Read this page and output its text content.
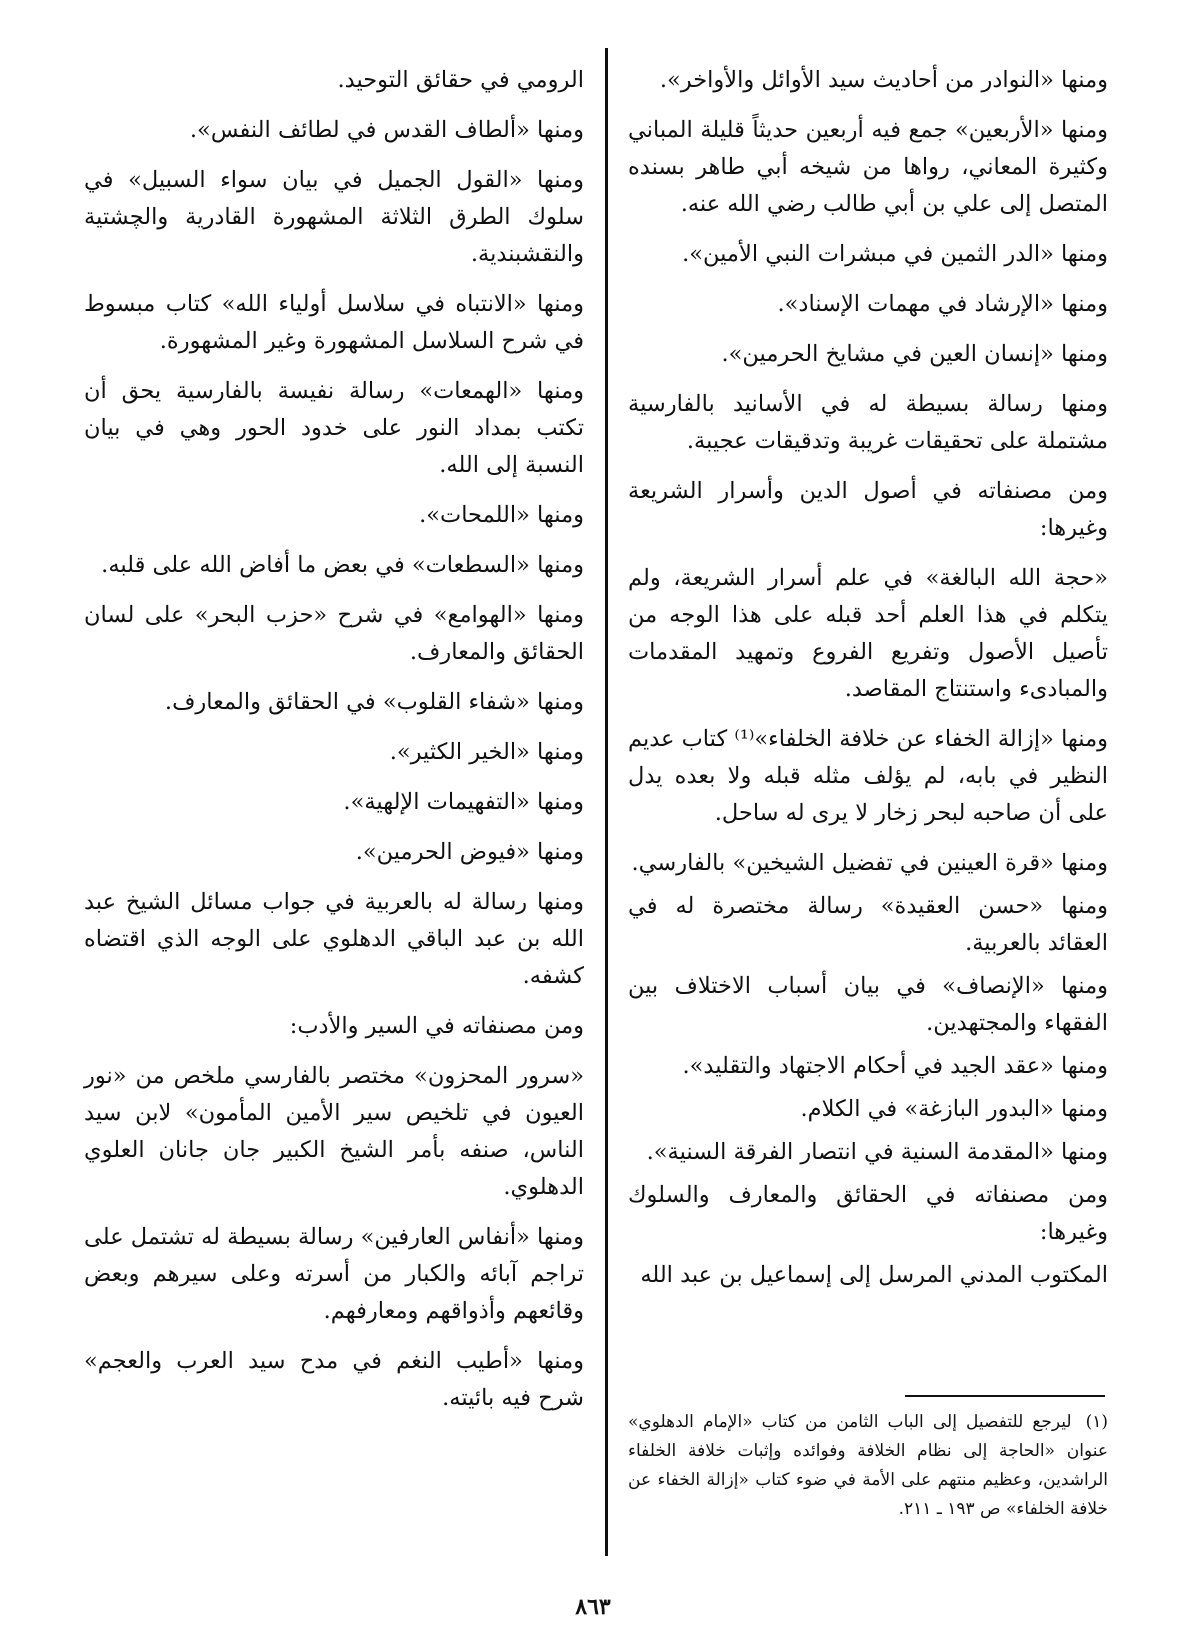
ومنها «النوادر من أحاديث سيد الأوائل والأواخر».

ومنها «الأربعين» جمع فيه أربعين حديثاً قليلة المباني وكثيرة المعاني، رواها من شيخه أبي طاهر بسنده المتصل إلى علي بن أبي طالب رضي الله عنه.

ومنها «الدر الثمين في مبشرات النبي الأمين».

ومنها «الإرشاد في مهمات الإسناد».

ومنها «إنسان العين في مشايخ الحرمين».

ومنها رسالة بسيطة له في الأسانيد بالفارسية مشتملة على تحقيقات غريبة وتدقيقات عجيبة.

ومن مصنفاته في أصول الدين وأسرار الشريعة وغيرها:

«حجة الله البالغة» في علم أسرار الشريعة، ولم يتكلم في هذا العلم أحد قبله على هذا الوجه من تأصيل الأصول وتفريع الفروع وتمهيد المقدمات والمبادىء واستنتاج المقاصد.

ومنها «إزالة الخفاء عن خلافة الخلفاء»⁽¹⁾ كتاب عديم النظير في بابه، لم يؤلف مثله قبله ولا بعده يدل على أن صاحبه لبحر زخار لا يرى له ساحل.

ومنها «قرة العينين في تفضيل الشيخين» بالفارسي.

ومنها «حسن العقيدة» رسالة مختصرة له في العقائد بالعربية.

ومنها «الإنصاف» في بيان أسباب الاختلاف بين الفقهاء والمجتهدين.

ومنها «عقد الجيد في أحكام الاجتهاد والتقليد».

ومنها «البدور البازغة» في الكلام.

ومنها «المقدمة السنية في انتصار الفرقة السنية».

ومن مصنفاته في الحقائق والمعارف والسلوك وغيرها:

المكتوب المدني المرسل إلى إسماعيل بن عبد الله

الرومي في حقائق التوحيد.

ومنها «ألطاف القدس في لطائف النفس».

ومنها «القول الجميل في بيان سواء السبيل» في سلوك الطرق الثلاثة المشهورة القادرية والچشتية والنقشبندية.

ومنها «الانتباه في سلاسل أولياء الله» كتاب مبسوط في شرح السلاسل المشهورة وغير المشهورة.

ومنها «الهمعات» رسالة نفيسة بالفارسية يحق أن تكتب بمداد النور على خدود الحور وهي في بيان النسبة إلى الله.

ومنها «اللمحات».

ومنها «السطعات» في بعض ما أفاض الله على قلبه.

ومنها «الهوامع» في شرح «حزب البحر» على لسان الحقائق والمعارف.

ومنها «شفاء القلوب» في الحقائق والمعارف.

ومنها «الخير الكثير».

ومنها «التفهيمات الإلهية».

ومنها «فيوض الحرمين».

ومنها رسالة له بالعربية في جواب مسائل الشيخ عبد الله بن عبد الباقي الدهلوي على الوجه الذي اقتضاه كشفه.

ومن مصنفاته في السير والأدب:

«سرور المحزون» مختصر بالفارسي ملخص من «نور العيون في تلخيص سير الأمين المأمون» لابن سيد الناس، صنفه بأمر الشيخ الكبير جان جانان العلوي الدهلوي.

ومنها «أنفاس العارفين» رسالة بسيطة له تشتمل على تراجم آبائه والكبار من أسرته وعلى سيرهم وبعض وقائعهم وأذواقهم ومعارفهم.

ومنها «أطيب النغم في مدح سيد العرب والعجم» شرح فيه بائيته.

(١)ليرجع للتفصيل إلى الباب الثامن من كتاب «الإمام الدهلوي» عنوان «الحاجة إلى نظام الخلافة وفوائده وإثبات خلافة الخلفاء الراشدين، وعظيم منتهم على الأمة في ضوء كتاب «إزالة الخفاء عن خلافة الخلفاء» ص ١٩٣ ـ ٢١١.
٨٦٣
